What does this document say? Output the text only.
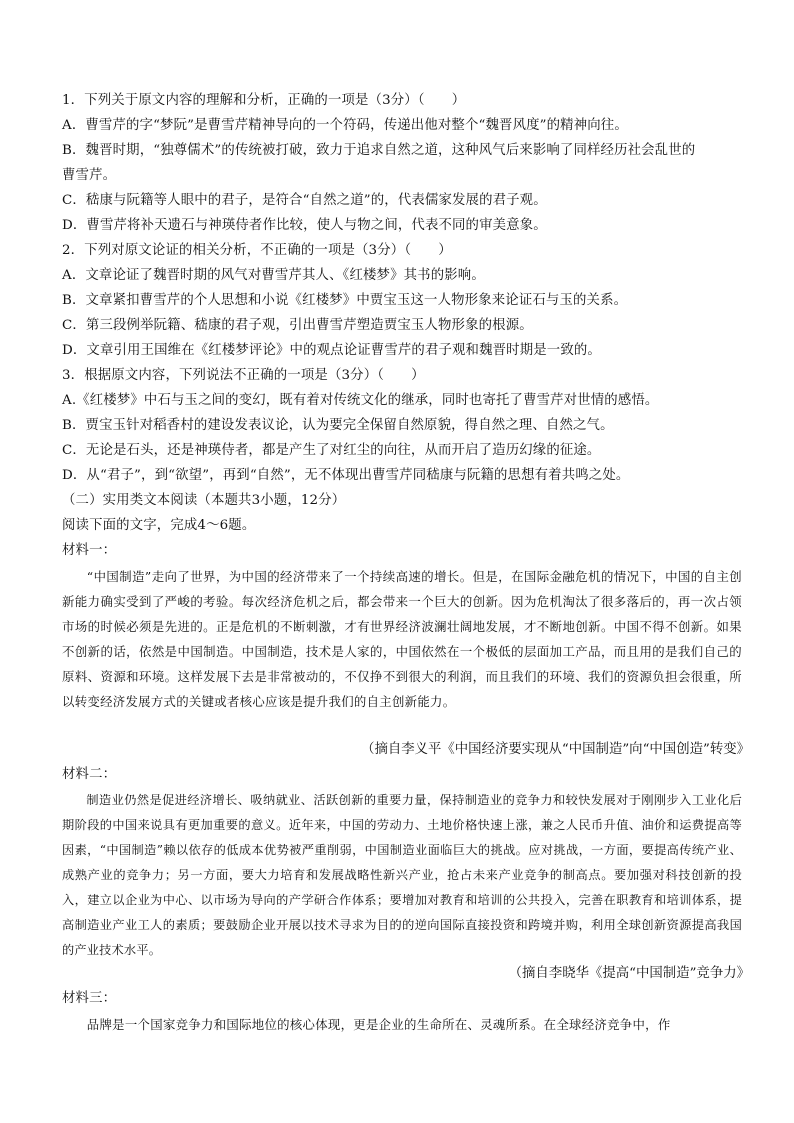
1．下列关于原文内容的理解和分析，正确的一项是（3分）（　　）
A．曹雪芹的字“梦阮”是曹雪芹精神导向的一个符码，传递出他对整个“魏晋风度”的精神向往。
B．魏晋时期，“独尊儒术”的传统被打破，致力于追求自然之道，这种风气后来影响了同样经历社会乱世的
曹雪芹。
C．嵇康与阮籍等人眼中的君子，是符合“自然之道”的，代表儒家发展的君子观。
D．曹雪芹将补天遗石与神瑛侍者作比较，使人与物之间，代表不同的审美意象。
2．下列对原文论证的相关分析，不正确的一项是（3分）（　　）
A．文章论证了魏晋时期的风气对曹雪芹其人、《红楼梦》其书的影响。
B．文章紧扣曹雪芹的个人思想和小说《红楼梦》中贾宝玉这一人物形象来论证石与玉的关系。
C．第三段例举阮籍、嵇康的君子观，引出曹雪芹塑造贾宝玉人物形象的根源。
D．文章引用王国维在《红楼梦评论》中的观点论证曹雪芹的君子观和魏晋时期是一致的。
3．根据原文内容，下列说法不正确的一项是（3分）（　　）
A.《红楼梦》中石与玉之间的变幻，既有着对传统文化的继承，同时也寄托了曹雪芹对世情的感悟。
B．贾宝玉针对稻香村的建设发表议论，认为要完全保留自然原貌，得自然之理、自然之气。
C．无论是石头，还是神瑛侍者，都是产生了对红尘的向往，从而开启了造历幻缘的征途。
D．从“君子”，到“欲望”，再到“自然”，无不体现出曹雪芹同嵇康与阮籍的思想有着共鸣之处。
（二）实用类文本阅读（本题共3小题，12分）
阅读下面的文字，完成4～6题。
材料一：
“中国制造”走向了世界，为中国的经济带来了一个持续高速的增长。但是，在国际金融危机的情况下，中国的自主创新能力确实受到了严峻的考验。每次经济危机之后，都会带来一个巨大的创新。因为危机淘汰了很多落后的，再一次占领市场的时候必须是先进的。正是危机的不断刺激，才有世界经济波澜壮阔地发展，才不断地创新。中国不得不创新。如果不创新的话，依然是中国制造。中国制造，技术是人家的，中国依然在一个极低的层面加工产品，而且用的是我们自己的原料、资源和环境。这样发展下去是非常被动的，不仅挣不到很大的利润，而且我们的环境、我们的资源负担会很重，所以转变经济发展方式的关键或者核心应该是提升我们的自主创新能力。
（摘自李义平《中国经济要实现从“中国制造”向“中国创造”转变》
材料二：
制造业仍然是促进经济增长、吸纳就业、活跃创新的重要力量，保持制造业的竞争力和较快发展对于刚刚步入工业化后期阶段的中国来说具有更加重要的意义。近年来，中国的劳动力、土地价格快速上涨，兼之人民币升值、油价和运费提高等因素，“中国制造”赖以依存的低成本优势被严重削弱，中国制造业面临巨大的挑战。应对挑战，一方面，要提高传统产业、成熟产业的竞争力；另一方面，要大力培育和发展战略性新兴产业，抢占未来产业竞争的制高点。要加强对科技创新的投入，建立以企业为中心、以市场为导向的产学研合作体系；要增加对教育和培训的公共投入，完善在职教育和培训体系，提高制造业产业工人的素质；要鼓励企业开展以技术寻求为目的的逆向国际直接投资和跨境并购，利用全球创新资源提高我国的产业技术水平。
（摘自李晓华《提高“中国制造”竞争力》
材料三：
品牌是一个国家竞争力和国际地位的核心体现，更是企业的生命所在、灵魂所系。在全球经济竞争中，作
